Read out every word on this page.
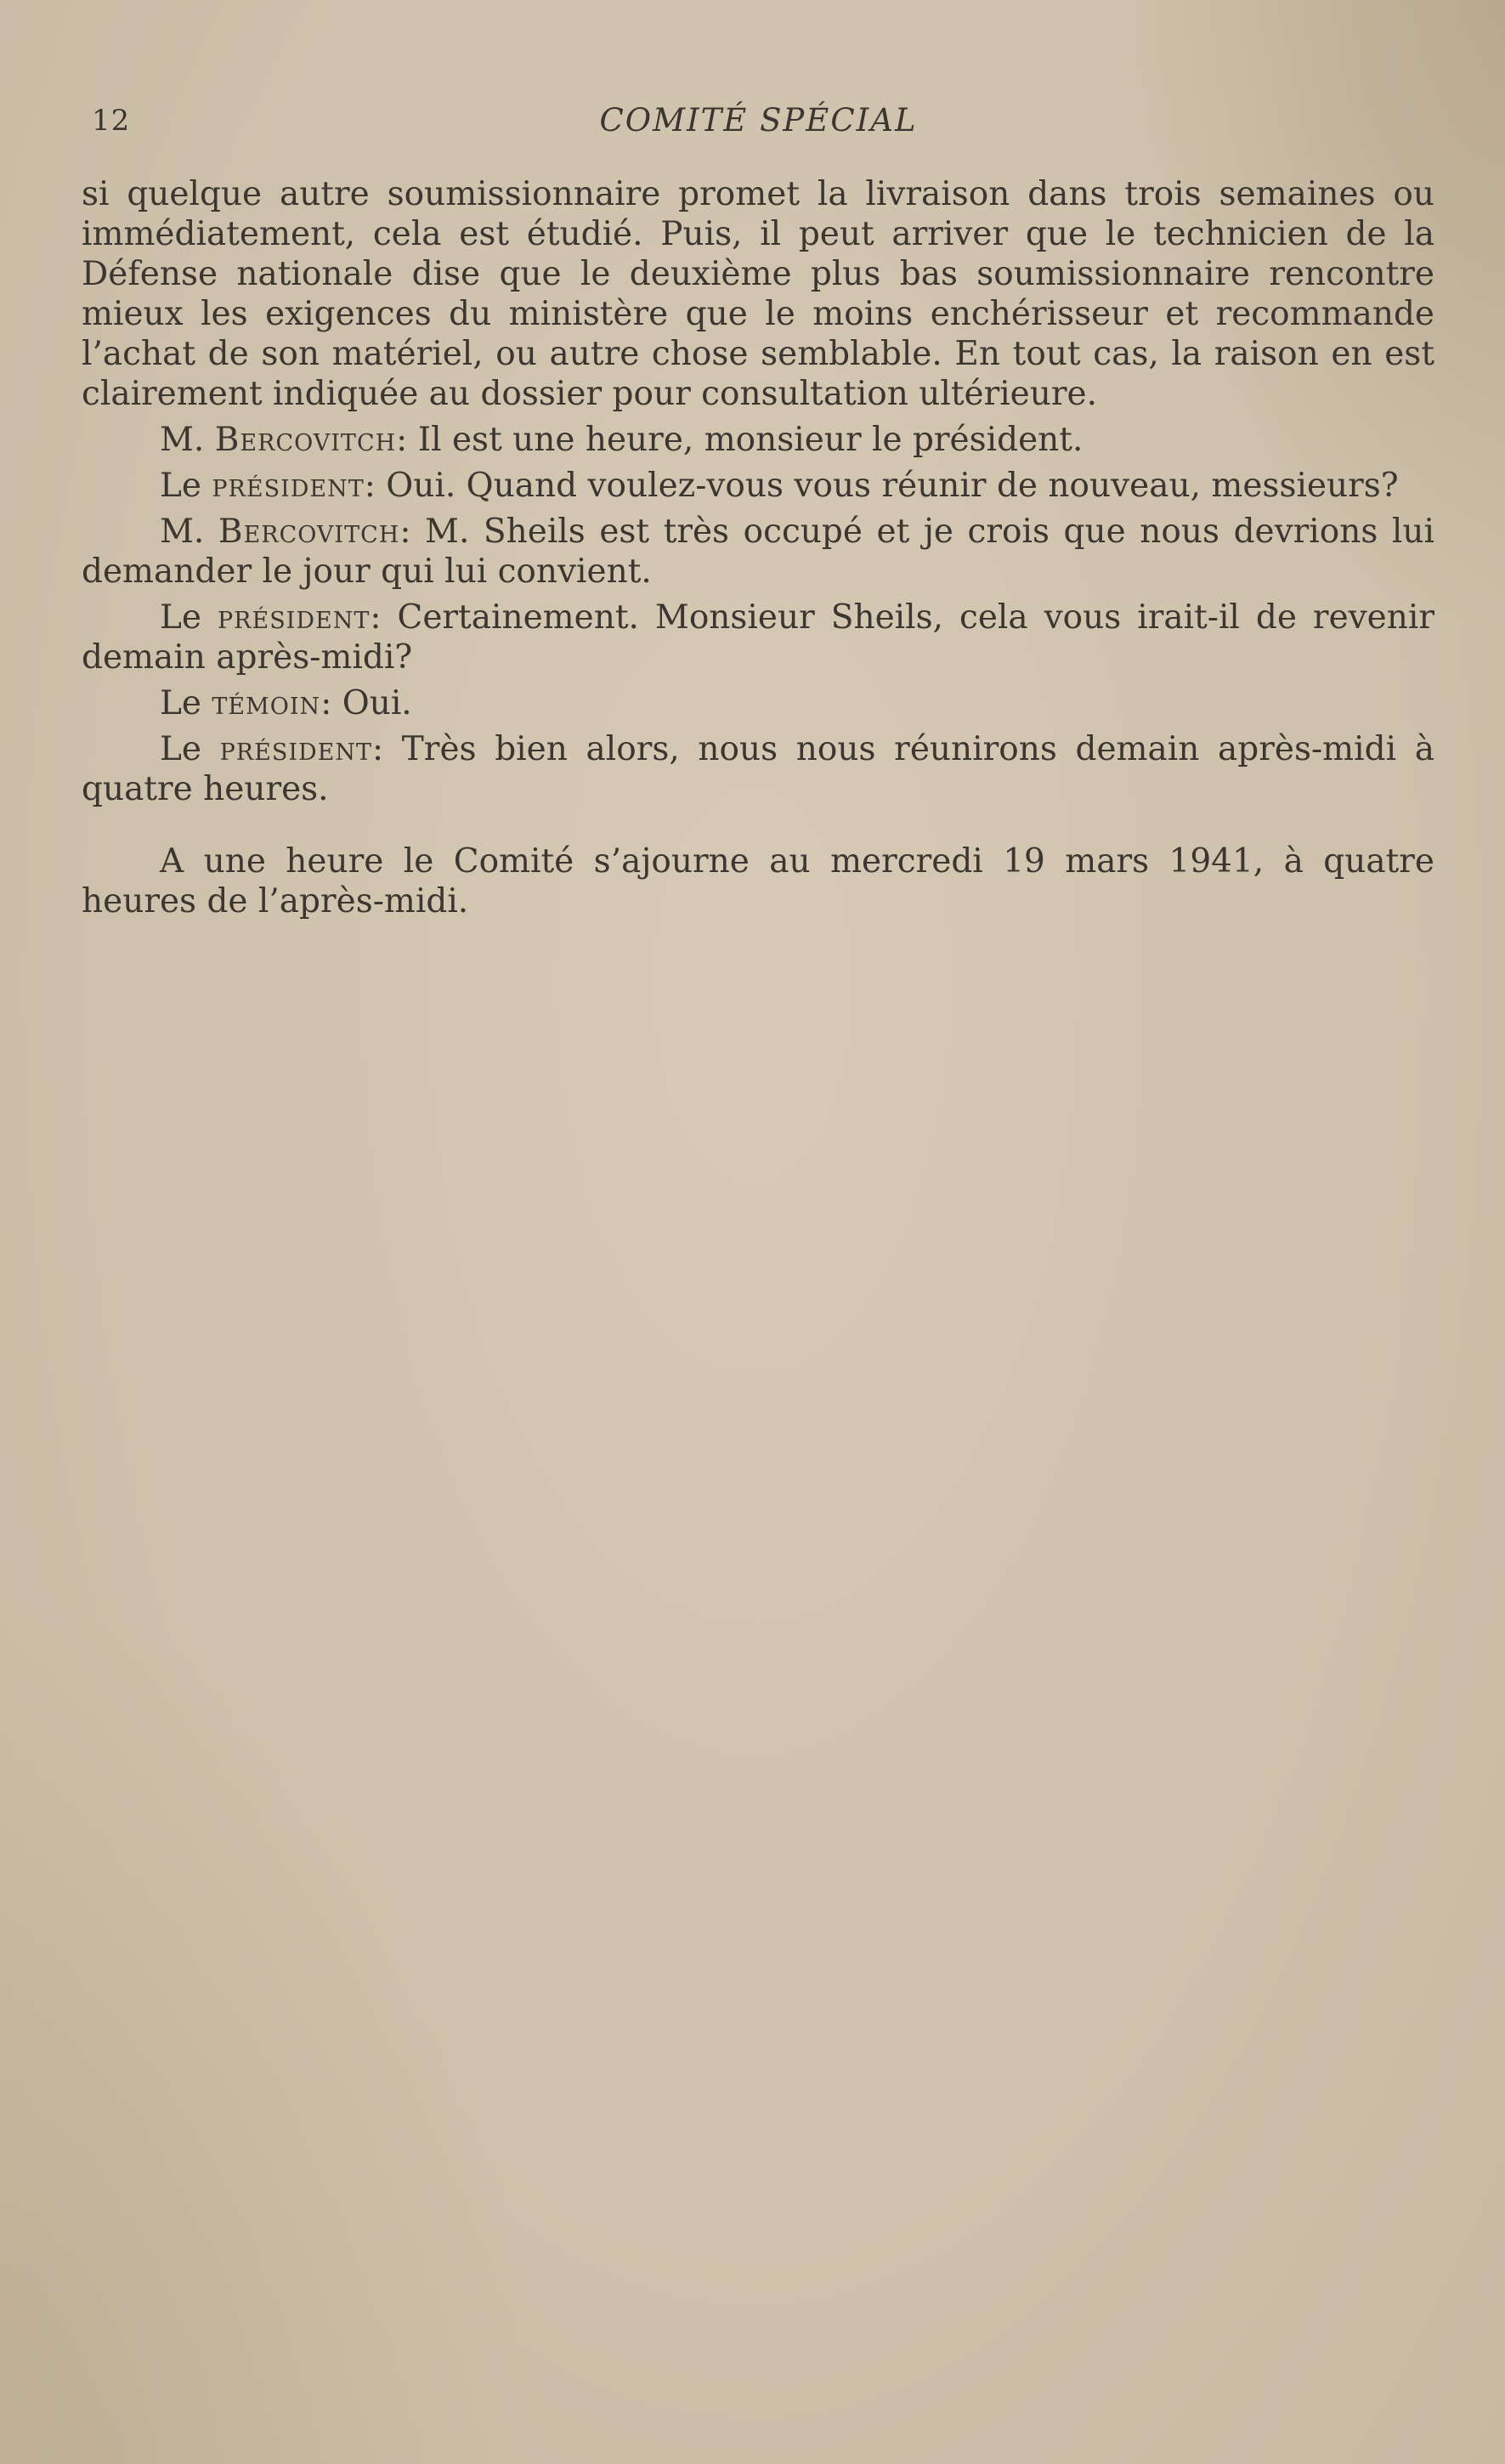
12	COMITÉ SPÉCIAL

si quelque autre soumissionnaire promet la livraison dans trois semaines ou immédiatement, cela est étudié. Puis, il peut arriver que le technicien de la Défense nationale dise que le deuxième plus bas soumissionnaire rencontre mieux les exigences du ministère que le moins enchérisseur et recommande l’achat de son matériel, ou autre chose semblable. En tout cas, la raison en est clairement indiquée au dossier pour consultation ultérieure.

M. Bercovitch: Il est une heure, monsieur le président.

Le président: Oui. Quand voulez-vous vous réunir de nouveau, messieurs?

M. Bercovitch: M. Sheils est très occupé et je crois que nous devrions lui demander le jour qui lui convient.

Le président: Certainement. Monsieur Sheils, cela vous irait-il de revenir demain après-midi?

Le témoin: Oui.

Le président: Très bien alors, nous nous réunirons demain après-midi à quatre heures.

A une heure le Comité s’ajourne au mercredi 19 mars 1941, à quatre heures de l’après-midi.
